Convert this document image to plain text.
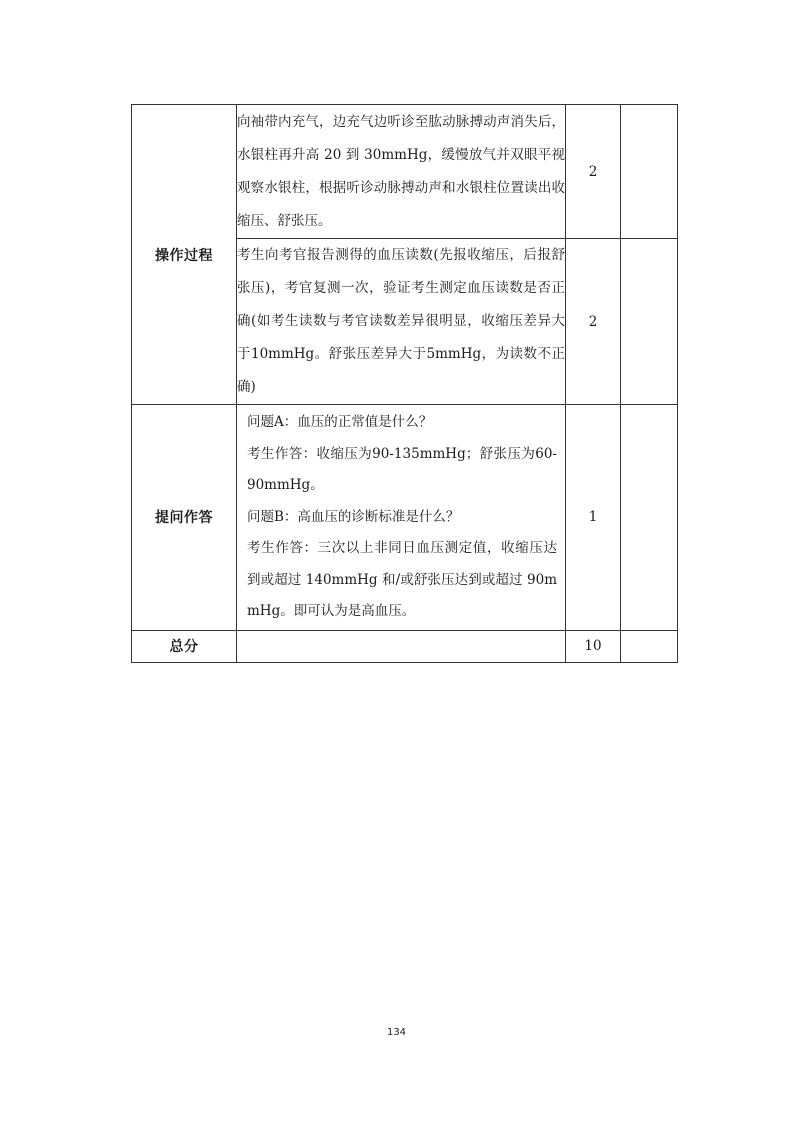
操作过程	向袖带内充气，边充气边听诊至肱动脉搏动声消失后，水银柱再升高 20 到 30mmHg，缓慢放气并双眼平视观察水银柱，根据听诊动脉搏动声和水银柱位置读出收缩压、舒张压。	2	
	考生向考官报告测得的血压读数(先报收缩压，后报舒张压)，考官复测一次，验证考生测定血压读数是否正确(如考生读数与考官读数差异很明显，收缩压差异大于10mmHg。舒张压差异大于5mmHg，为读数不正确)	2	
提问作答	问题A：血压的正常值是什么？
考生作答：收缩压为90-135mmHg；舒张压为60-90mmHg。
问题B：高血压的诊断标准是什么？
考生作答：三次以上非同日血压测定值，收缩压达到或超过 140mmHg 和/或舒张压达到或超过 90mmHg。即可认为是高血压。	1	
总分		10	
134
